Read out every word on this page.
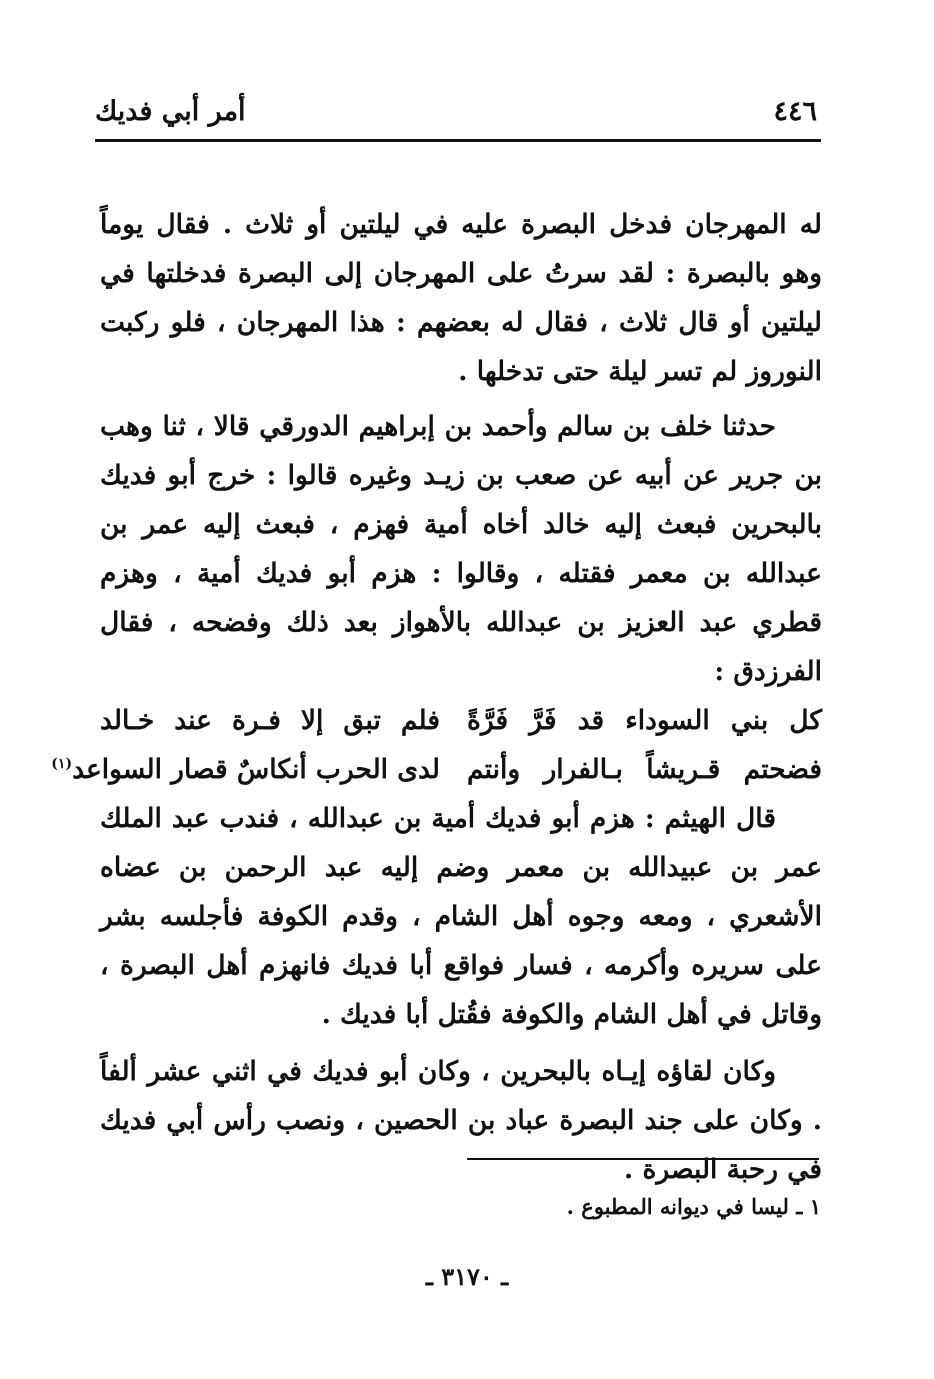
٤٤٦
أمر أبي فديك

له المهرجان فدخل البصرة عليه في ليلتين أو ثلاث . فقال يوماً وهو بالبصرة : لقد سرتُ على المهرجان إلى البصرة فدخلتها في ليلتين أو قال ثلاث ، فقال له بعضهم : هذا المهرجان ، فلو ركبت النوروز لم تسر ليلة حتى تدخلها .

حدثنا خلف بن سالم وأحمد بن إبراهيم الدورقي قالا ، ثنا وهب بن جرير عن أبيه عن صعب بن زيـد وغيره قالوا : خرج أبو فديك بالبحرين فبعث إليه خالد أخاه أمية فهزم ، فبعث إليه عمر بن عبدالله بن معمر فقتله ، وقالوا : هزم أبو فديك أمية ، وهزم قطري عبد العزيز بن عبدالله بالأهواز بعد ذلك وفضحه ، فقال الفرزدق :

كل بني السوداء قد فَرَّ فَرَّةً
فلم تبق إلا فـرة عند خـالد
فضحتم قـريشاً بـالفرار وأنتم
لدى الحرب أنكاسٌ قصار السواعد$^{(١)}$

قال الهيثم : هزم أبو فديك أمية بن عبدالله ، فندب عبد الملك عمر بن عبيدالله بن معمر وضم إليه عبد الرحمن بن عضاه الأشعري ، ومعه وجوه أهل الشام ، وقدم الكوفة فأجلسه بشر على سريره وأكرمه ، فسار فواقع أبا فديك فانهزم أهل البصرة ، وقاتل في أهل الشام والكوفة فقُتل أبا فديك .

وكان لقاؤه إيـاه بالبحرين ، وكان أبو فديك في اثني عشر ألفاً . وكان على جند البصرة عباد بن الحصين ، ونصب رأس أبي فديك في رحبة البصرة .

١ ـ ليسا في ديوانه المطبوع .
ـ ٣١٧٠ ـ
